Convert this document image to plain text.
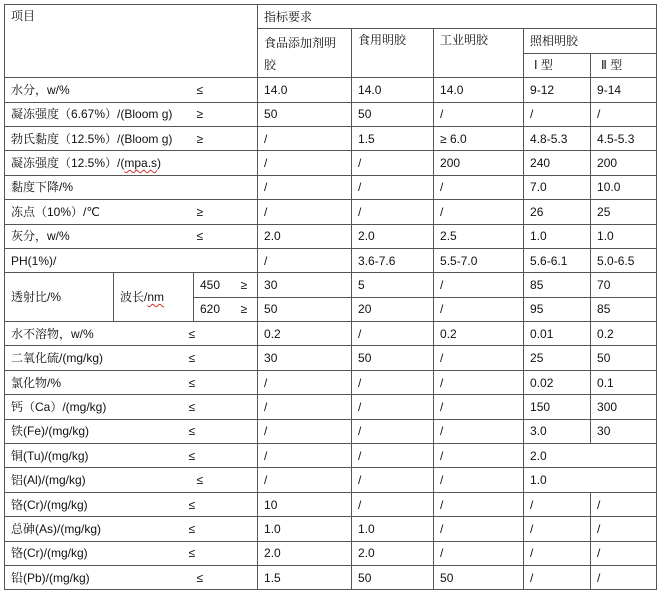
项目			指标要求				
			食品添加剂明胶	食用明胶	工业明胶	照相明胶	
						Ⅰ 型	Ⅱ 型

水分，w/% ≤			14.0	14.0	14.0	9-12	9-14

凝冻强度（6.67%）/(Bloom g) ≥			50	50	/	/	/

勃氏黏度（12.5%）/(Bloom g) ≥			/	1.5	≥ 6.0	4.8-5.3	4.5-5.3
凝冻强度（12.5%）/(mpa.s)			/	/	200	240	200
黏度下降/%			/	/	/	7.0	10.0

冻点（10%）/℃ ≥			/	/	/	26	25

灰分，w/% ≤			2.0	2.0	2.5	1.0	1.0
PH(1%)/			/	3.6-7.6	5.5-7.0	5.6-6.1	5.0-6.5
透射比/%	波长/nm	450 ≥	30	5	/	85	70

		620 ≥	50	20	/	95	85

水不溶物，w/% ≤			0.2	/	0.2	0.01	0.2

二氧化硫/(mg/kg) ≤			30	50	/	25	50

氯化物/% ≤			/	/	/	0.02	0.1

钙（Ca）/(mg/kg) ≤			/	/	/	150	300

铁(Fe)/(mg/kg) ≤			/	/	/	3.0	30

铜(Tu)/(mg/kg) ≤			/	/	/	2.0	

铝(Al)/(mg/kg) ≤			/	/	/	1.0	

铬(Cr)/(mg/kg) ≤			10	/	/	/	/

总砷(As)/(mg/kg) ≤			1.0	1.0	/	/	/

铬(Cr)/(mg/kg) ≤			2.0	2.0	/	/	/

铅(Pb)/(mg/kg) ≤			1.5	50	50	/	/
